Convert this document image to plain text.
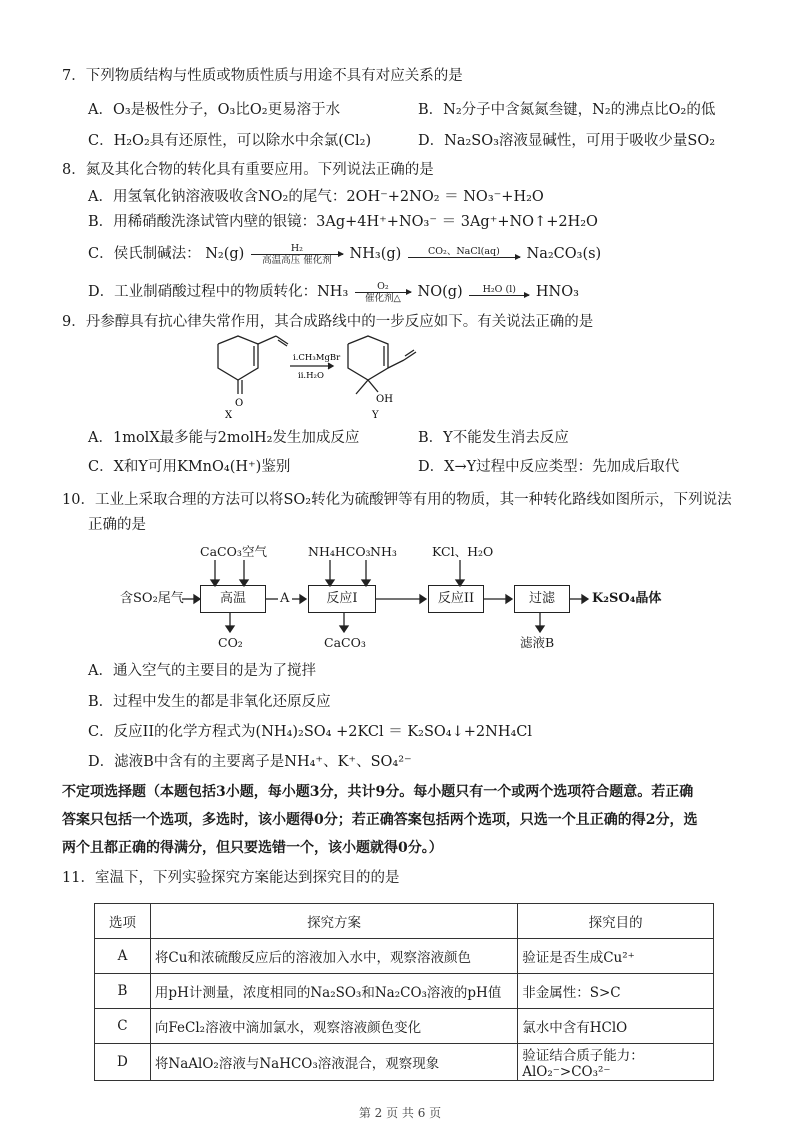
7．下列物质结构与性质或物质性质与用途不具有对应关系的是
A．O₃是极性分子，O₃比O₂更易溶于水	B．N₂分子中含氮氮叁键，N₂的沸点比O₂的低
C．H₂O₂具有还原性，可以除水中余氯(Cl₂)	D．Na₂SO₃溶液显碱性，可用于吸收少量SO₂
8．氮及其化合物的转化具有重要应用。下列说法正确的是
A．用氢氧化钠溶液吸收含NO₂的尾气：2OH⁻+2NO₂ ＝ NO₃⁻+H₂O
B．用稀硝酸洗涤试管内壁的银镜：3Ag+4H⁺+NO₃⁻ ＝ 3Ag⁺+NO↑+2H₂O
C．侯氏制碱法： N₂(g)	H₂
高温高压 催化剂	NH₃(g)	CO₂、NaCl(aq)	Na₂CO₃(s)
D．工业制硝酸过程中的物质转化：NH₃	O₂
催化剂△	NO(g)	H₂O (l)	HNO₃
9．丹参醇具有抗心律失常作用，其合成路线中的一步反应如下。有关说法正确的是
O	OH
i.CH₃MgBr
ii.H₂O
X	Y
A．1molX最多能与2molH₂发生加成反应	B．Y不能发生消去反应
C．X和Y可用KMnO₄(H⁺)鉴别	D．X→Y过程中反应类型：先加成后取代
10．工业上采取合理的方法可以将SO₂转化为硫酸钾等有用的物质，其一种转化路线如图所示，下列说法
正确的是
CaCO₃ 空气	NH₄HCO₃ NH₃	KCl、H₂O
含SO₂尾气	高温	A	反应I	反应II	过滤	K₂SO₄晶体
CO₂	CaCO₃	滤液B
A．通入空气的主要目的是为了搅拌
B．过程中发生的都是非氧化还原反应
C．反应II的化学方程式为(NH₄)₂SO₄ +2KCl ＝ K₂SO₄↓+2NH₄Cl
D．滤液B中含有的主要离子是NH₄⁺、K⁺、SO₄²⁻
不定项选择题（本题包括3小题，每小题3分，共计9分。每小题只有一个或两个选项符合题意。若正确
答案只包括一个选项，多选时，该小题得0分；若正确答案包括两个选项，只选一个且正确的得2分，选
两个且都正确的得满分，但只要选错一个，该小题就得0分。）
11．室温下，下列实验探究方案能达到探究目的的是
选项	探究方案	探究目的
A	将Cu和浓硫酸反应后的溶液加入水中，观察溶液颜色	验证是否生成Cu²⁺
B	用pH计测量，浓度相同的Na₂SO₃和Na₂CO₃溶液的pH值	非金属性：S>C
C	向FeCl₂溶液中滴加氯水，观察溶液颜色变化	氯水中含有HClO
D	将NaAlO₂溶液与NaHCO₃溶液混合，观察现象	验证结合质子能力：AlO₂⁻>CO₃²⁻
第 2 页 共 6 页
